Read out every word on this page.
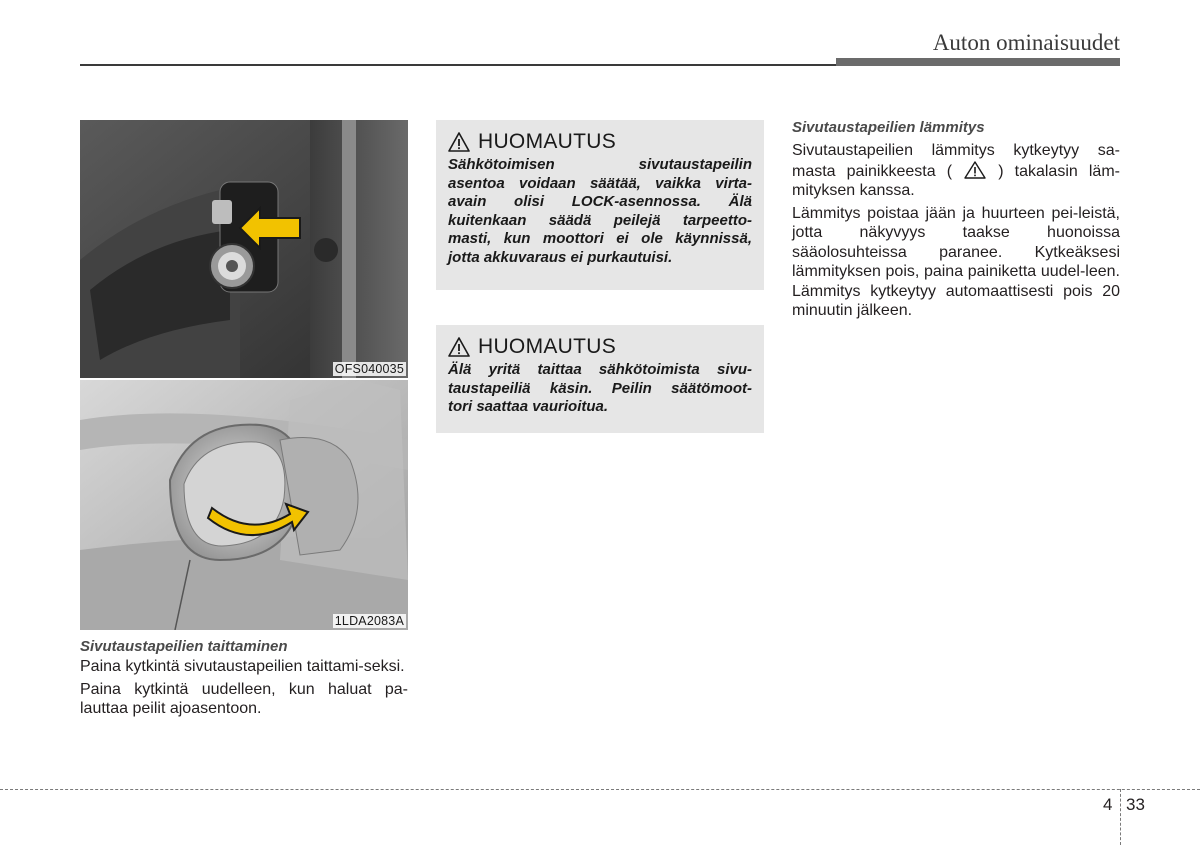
Auton ominaisuudet
OFS040035
1LDA2083A
Sivutaustapeilien taittaminen
Paina kytkintä sivutaustapeilien taittami-seksi.
Paina kytkintä uudelleen, kun haluat pa-lauttaa peilit ajoasentoon.
HUOMAUTUS
Sähkötoimisen sivutaustapeilin
asentoa voidaan säätää, vaikka virta-
avain olisi LOCK-asennossa. Älä
kuitenkaan säädä peilejä tarpeetto-
masti, kun moottori ei ole käynnissä,
jotta akkuvaraus ei purkautuisi.
HUOMAUTUS
Älä yritä taittaa sähkötoimista sivu-
taustapeiliä käsin. Peilin säätömoot-
tori saattaa vaurioitua.
Sivutaustapeilien lämmitys
Sivutaustapeilien lämmitys kytkeytyy sa-masta painikkeesta (	) takalasin läm-mityksen kanssa.
Lämmitys poistaa jään ja huurteen pei-leistä, jotta näkyvyys taakse huonoissa sääolosuhteissa paranee. Kytkeäksesi lämmityksen pois, paina painiketta uudel-leen. Lämmitys kytkeytyy automaattisesti pois 20 minuutin jälkeen.
4 33
